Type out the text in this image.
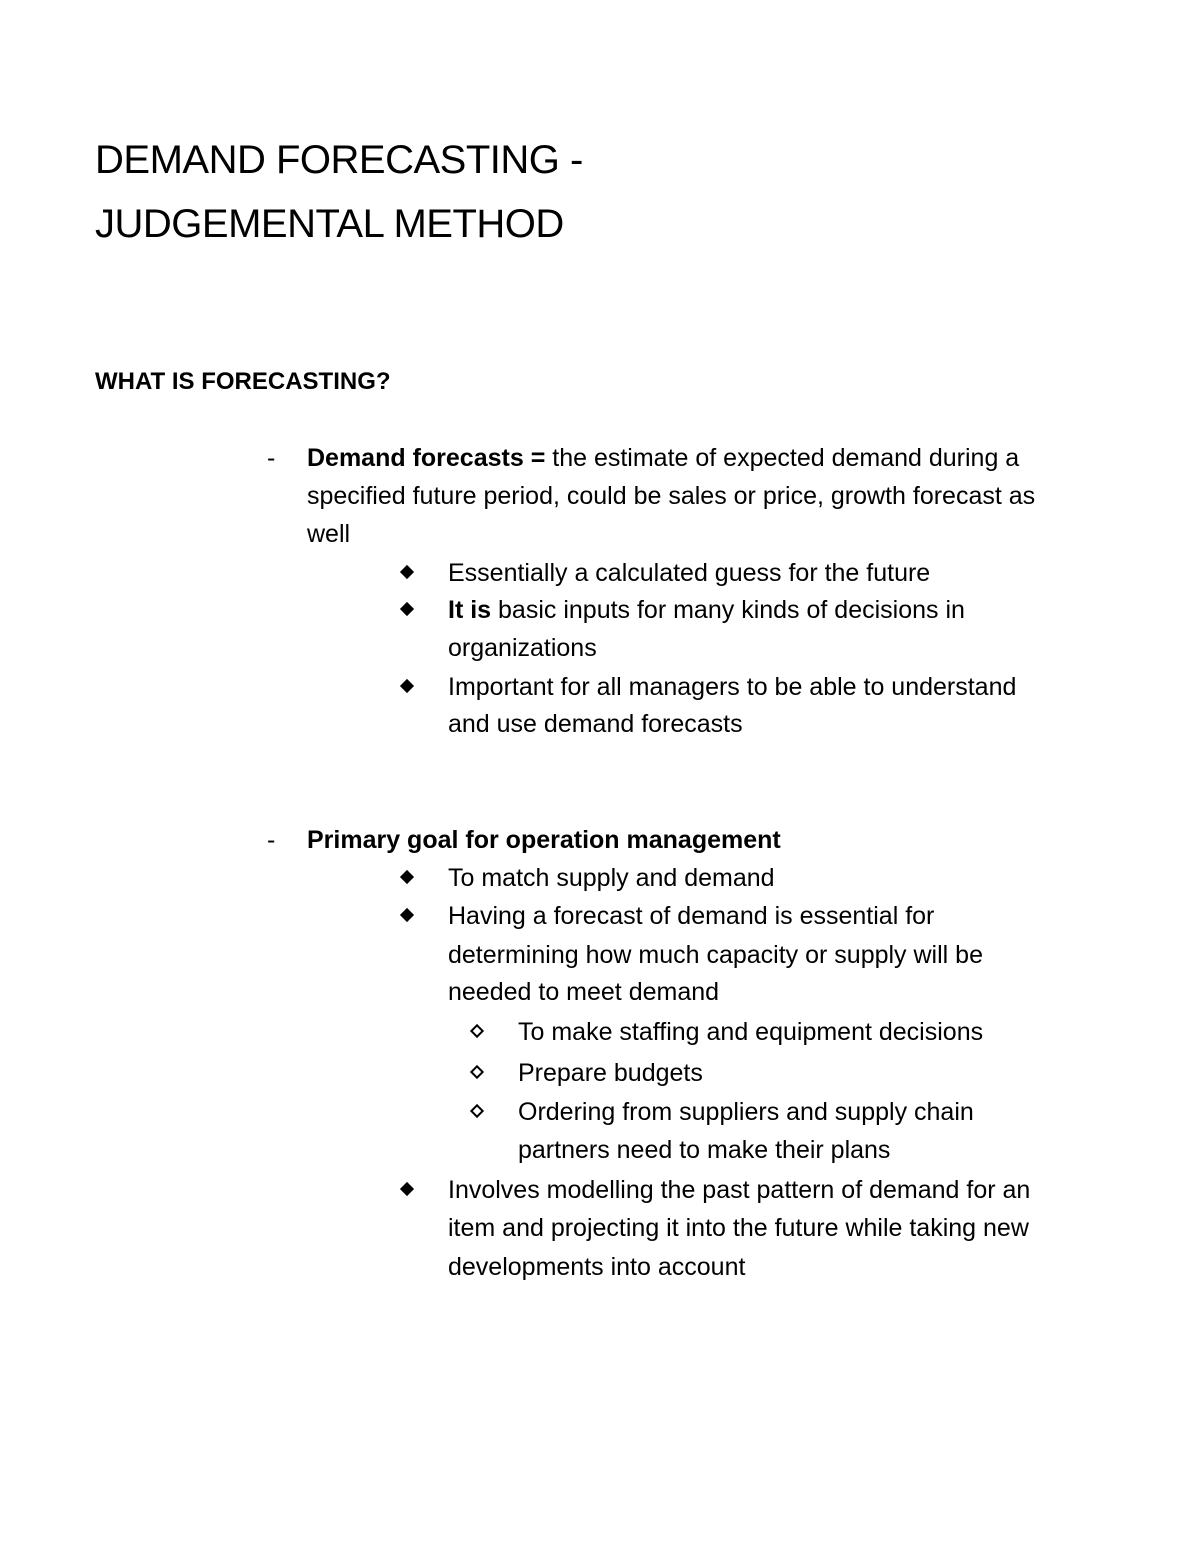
DEMAND FORECASTING -
JUDGEMENTAL METHOD
WHAT IS FORECASTING?
- Demand forecasts = the estimate of expected demand during a

specified future period, could be sales or price, growth forecast as

well

Essentially a calculated guess for the future

It is basic inputs for many kinds of decisions in

organizations

Important for all managers to be able to understand

and use demand forecasts

- Primary goal for operation management

To match supply and demand

Having a forecast of demand is essential for

determining how much capacity or supply will be

needed to meet demand

To make staffing and equipment decisions

Prepare budgets

Ordering from suppliers and supply chain

partners need to make their plans

Involves modelling the past pattern of demand for an

item and projecting it into the future while taking new

developments into account
